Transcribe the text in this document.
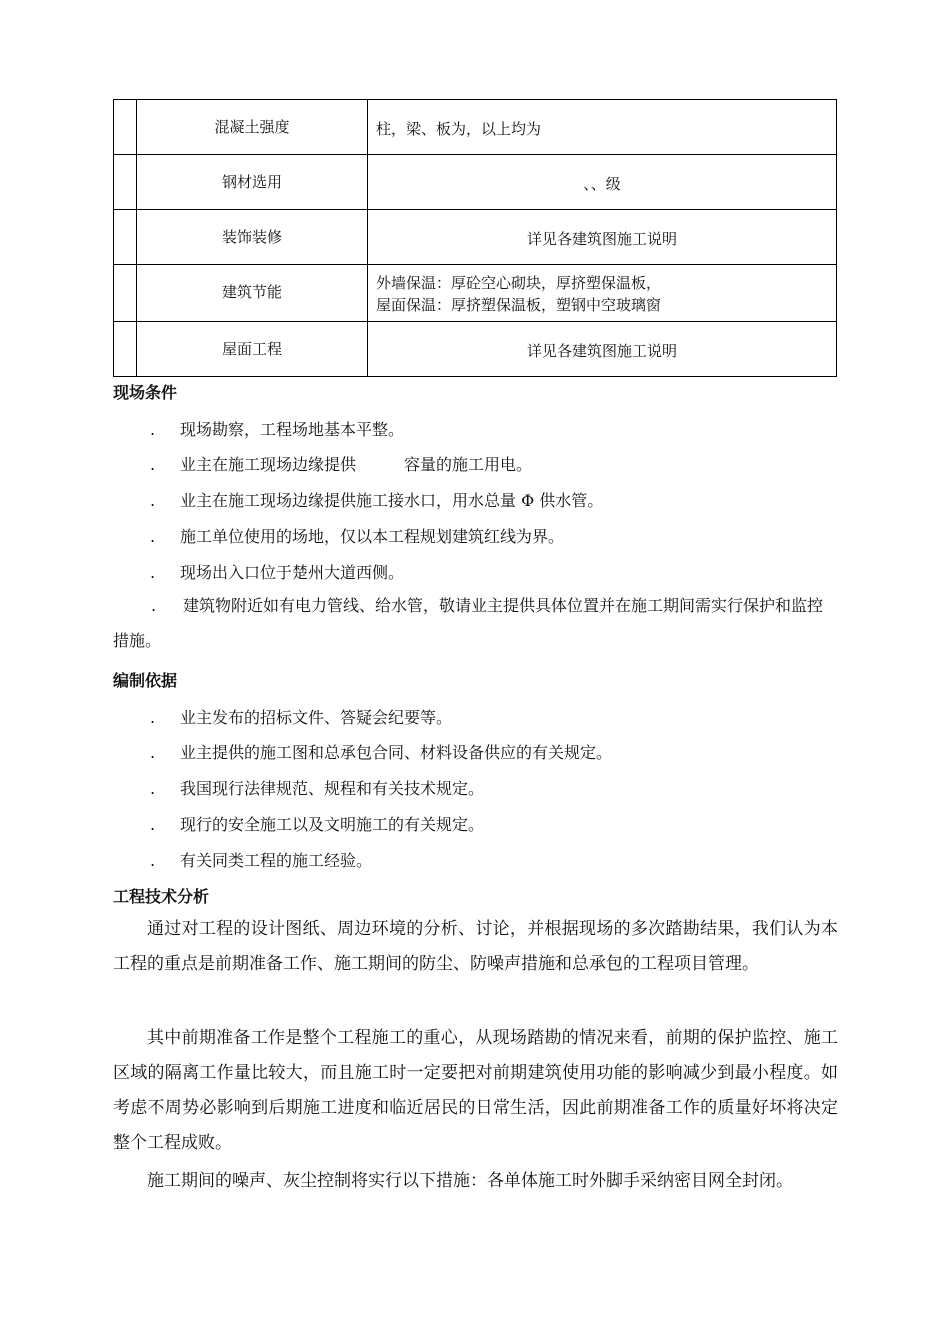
	混凝土强度	柱，梁、板为，以上均为
	钢材选用	、、级
	装饰装修	详见各建筑图施工说明
	建筑节能	外墙保温：厚砼空心砌块，厚挤塑保温板，
屋面保温：厚挤塑保温板，塑钢中空玻璃窗

	屋面工程	详见各建筑图施工说明
现场条件
. 现场勘察，工程场地基本平整。
. 业主在施工现场边缘提供　　　容量的施工用电。
. 业主在施工现场边缘提供施工接水口，用水总量 Φ 供水管。
. 施工单位使用的场地，仅以本工程规划建筑红线为界。
. 现场出入口位于楚州大道西侧。

. 建筑物附近如有电力管线、给水管，敬请业主提供具体位置并在施工期间需实行保护和监控措施。

编制依据
. 业主发布的招标文件、答疑会纪要等。
. 业主提供的施工图和总承包合同、材料设备供应的有关规定。
. 我国现行法律规范、规程和有关技术规定。
. 现行的安全施工以及文明施工的有关规定。
. 有关同类工程的施工经验。
工程技术分析

通过对工程的设计图纸、周边环境的分析、讨论，并根据现场的多次踏勘结果，我们认为本工程的重点是前期准备工作、施工期间的防尘、防噪声措施和总承包的工程项目管理。

其中前期准备工作是整个工程施工的重心，从现场踏勘的情况来看，前期的保护监控、施工区域的隔离工作量比较大，而且施工时一定要把对前期建筑使用功能的影响减少到最小程度。如考虑不周势必影响到后期施工进度和临近居民的日常生活，因此前期准备工作的质量好坏将决定整个工程成败。

施工期间的噪声、灰尘控制将实行以下措施：各单体施工时外脚手采纳密目网全封闭。
